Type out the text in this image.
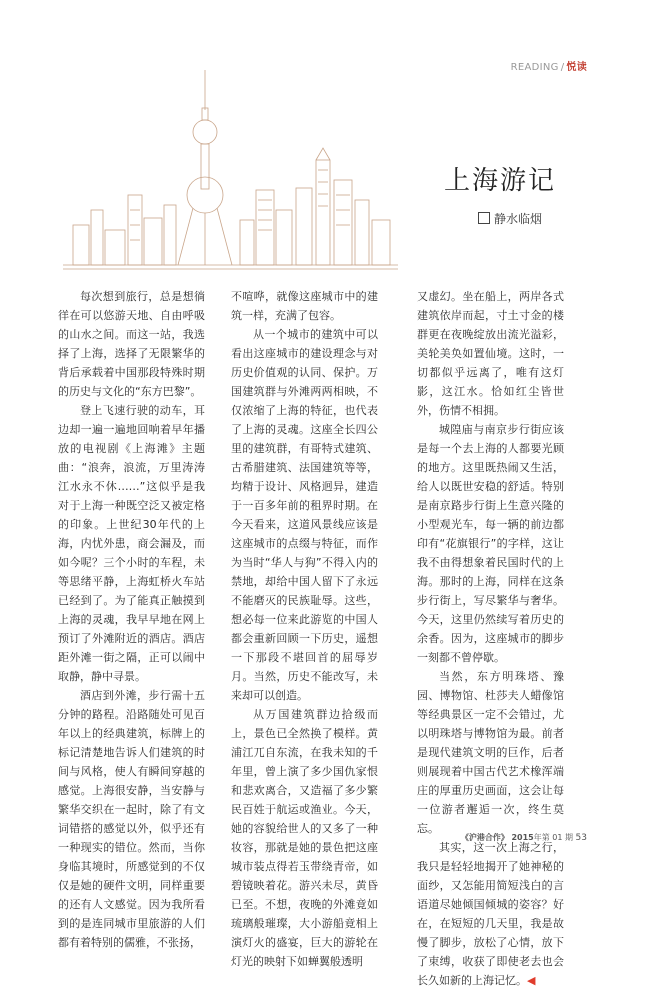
READING / 悦读
上海游记
静水临烟

每次想到旅行，总是想徜徉在可以悠游天地、自由呼吸的山水之间。而这一站，我选择了上海，选择了无限繁华的背后承载着中国那段特殊时期的历史与文化的“东方巴黎”。

登上飞速行驶的动车，耳边却一遍一遍地回响着早年播放的电视剧《上海滩》主题曲：“浪奔，浪流，万里涛涛江水永不休……”这似乎是我对于上海一种既空泛又被定格的印象。上世纪30年代的上海，内忧外患，商会漏及，而如今呢？三个小时的车程，未等思绪平静，上海虹桥火车站已经到了。为了能真正触摸到上海的灵魂，我早早地在网上预订了外滩附近的酒店。酒店距外滩一街之隔，正可以闹中取静，静中寻景。

酒店到外滩，步行需十五分钟的路程。沿路随处可见百年以上的经典建筑，标牌上的标记清楚地告诉人们建筑的时间与风格，使人有瞬间穿越的感觉。上海很安静，当安静与繁华交织在一起时，除了有文词错搭的感觉以外，似乎还有一种现实的错位。然而，当你身临其境时，所感觉到的不仅仅是她的硬件文明，同样重要的还有人文感觉。因为我所看到的是连同城市里旅游的人们都有着特别的儒雅，不张扬，

不喧哗，就像这座城市中的建筑一样，充满了包容。

从一个城市的建筑中可以看出这座城市的建设理念与对历史价值观的认同、保护。万国建筑群与外滩两两相映，不仅浓缩了上海的特征，也代表了上海的灵魂。这座全长四公里的建筑群，有哥特式建筑、古希腊建筑、法国建筑等等，均精于设计、风格迥异，建造于一百多年前的租界时期。在今天看来，这道风景线应该是这座城市的点缀与特征，而作为当时“华人与狗”不得入内的禁地，却给中国人留下了永远不能磨灭的民族耻辱。这些，想必每一位来此游览的中国人都会重新回顾一下历史，遥想一下那段不堪回首的屈辱岁月。当然，历史不能改写，未来却可以创造。

从万国建筑群边拾级而上，景色已全然换了模样。黄浦江兀自东流，在我未知的千年里，曾上演了多少国仇家恨和悲欢离合，又造福了多少繁民百姓于航运或渔业。今天，她的容貌给世人的又多了一种妆容，那就是她的景色把这座城市装点得若玉带绕青帝，如碧镜映着花。游兴未尽，黄昏已至。不想，夜晚的外滩竟如琉璃般璀璨，大小游船竟相上演灯火的盛宴，巨大的游轮在灯光的映射下如蝉翼般透明

又虚幻。坐在船上，两岸各式建筑依岸而起，寸土寸金的楼群更在夜晚绽放出流光溢彩，美轮美奂如置仙境。这时，一切都似乎远离了，唯有这灯影，这江水。恰如红尘皆世外，伤情不相拥。

城隍庙与南京步行街应该是每一个去上海的人都要光顾的地方。这里既热闹又生活，给人以既世安稳的舒适。特别是南京路步行街上生意兴隆的小型观光车，每一辆的前边都印有“花旗银行”的字样，这让我不由得想象着民国时代的上海。那时的上海，同样在这条步行街上，写尽繁华与奢华。今天，这里仍然续写着历史的余香。因为，这座城市的脚步一刻都不曾停歇。

当然，东方明珠塔、豫园、博物馆、杜莎夫人蜡像馆等经典景区一定不会错过，尤以明珠塔与博物馆为最。前者是现代建筑文明的巨作，后者则展现着中国古代艺术橡浑端庄的厚重历史画面，这会让每一位游者邂逅一次，终生莫忘。

其实，这一次上海之行，我只是轻轻地揭开了她神秘的面纱，又怎能用简短浅白的言语道尽她倾国倾城的姿容？好在，在短短的几天里，我是故慢了脚步，放松了心情，放下了束缚，收获了即使老去也会长久如新的上海记忆。◀

《沪港合作》 2015年第 01 期 53
